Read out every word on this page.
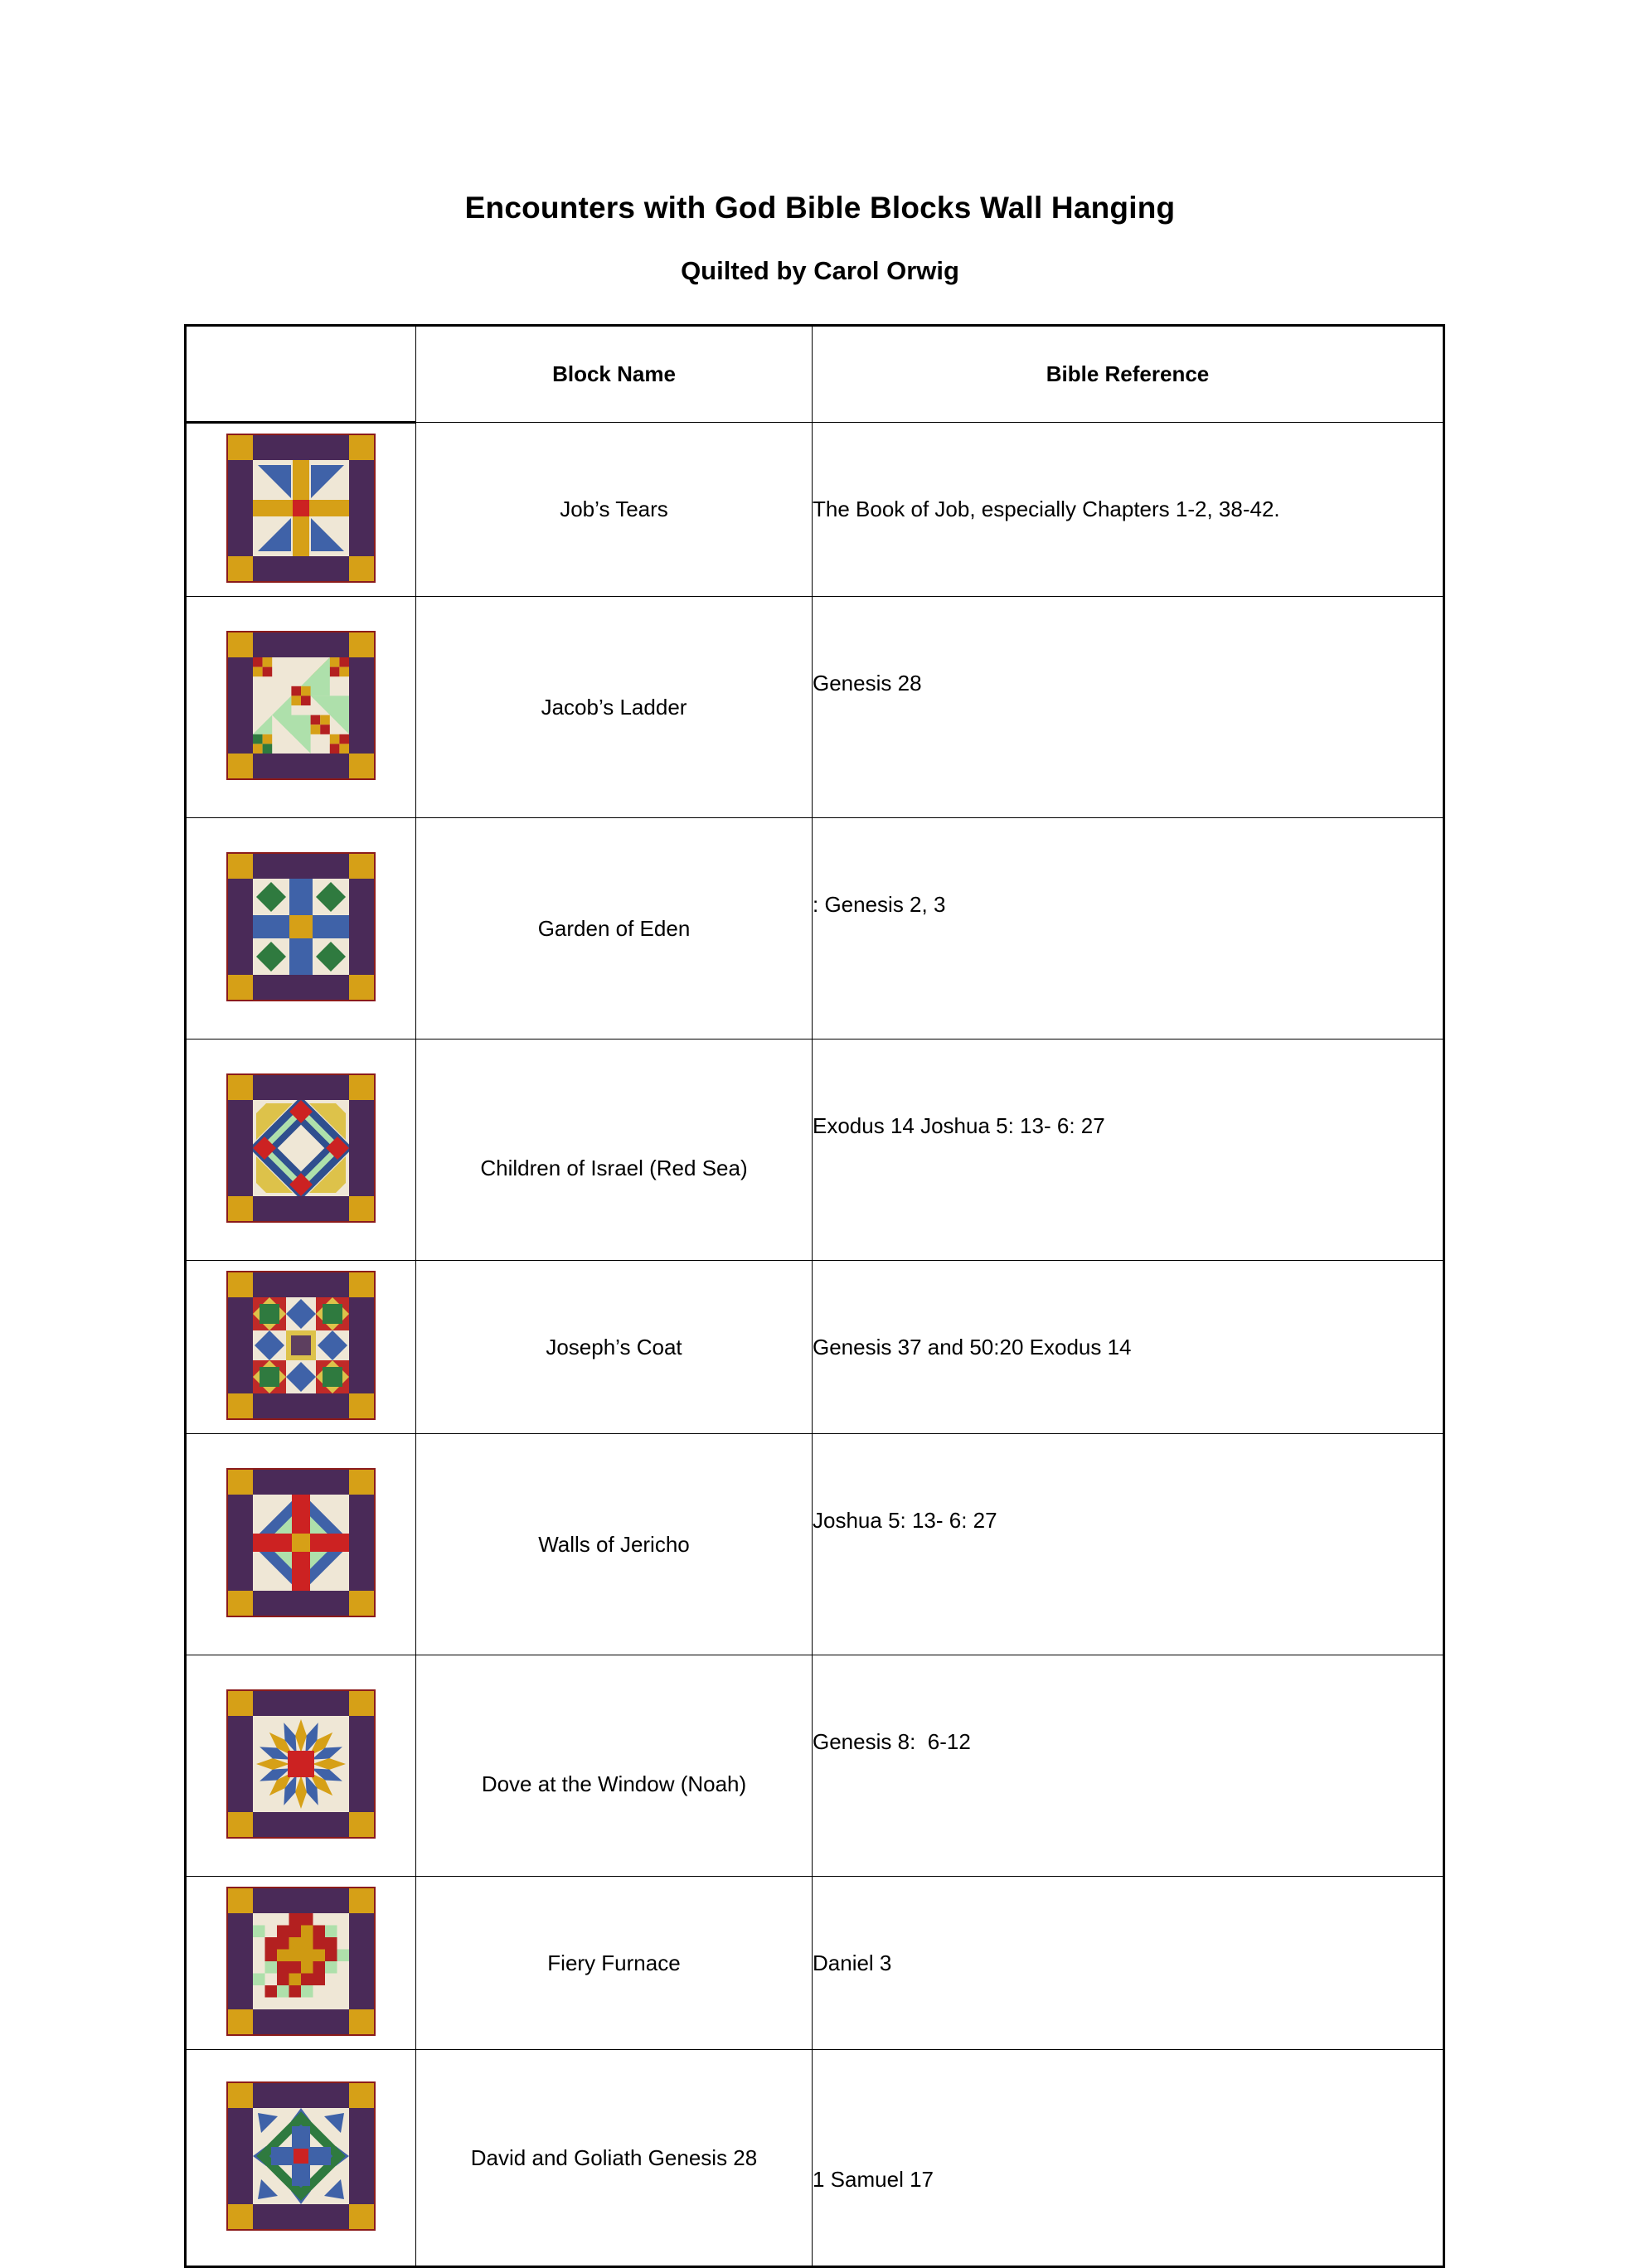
Encounters with God Bible Blocks Wall Hanging
Quilted by Carol Orwig
	Block Name	Bible Reference

	Job’s Tears	The Book of Job, especially Chapters 1-2, 38-42.

	Jacob’s Ladder	Genesis 28

	Garden of Eden	: Genesis 2, 3

	Children of Israel (Red Sea)	Exodus 14 Joshua 5: 13- 6: 27

	Joseph’s Coat	Genesis 37 and 50:20 Exodus 14

	Walls of Jericho	Joshua 5: 13- 6: 27

	Dove at the Window (Noah)	Genesis 8:  6-12

	Fiery Furnace	Daniel 3

	David and Goliath Genesis 28	1 Samuel 17
